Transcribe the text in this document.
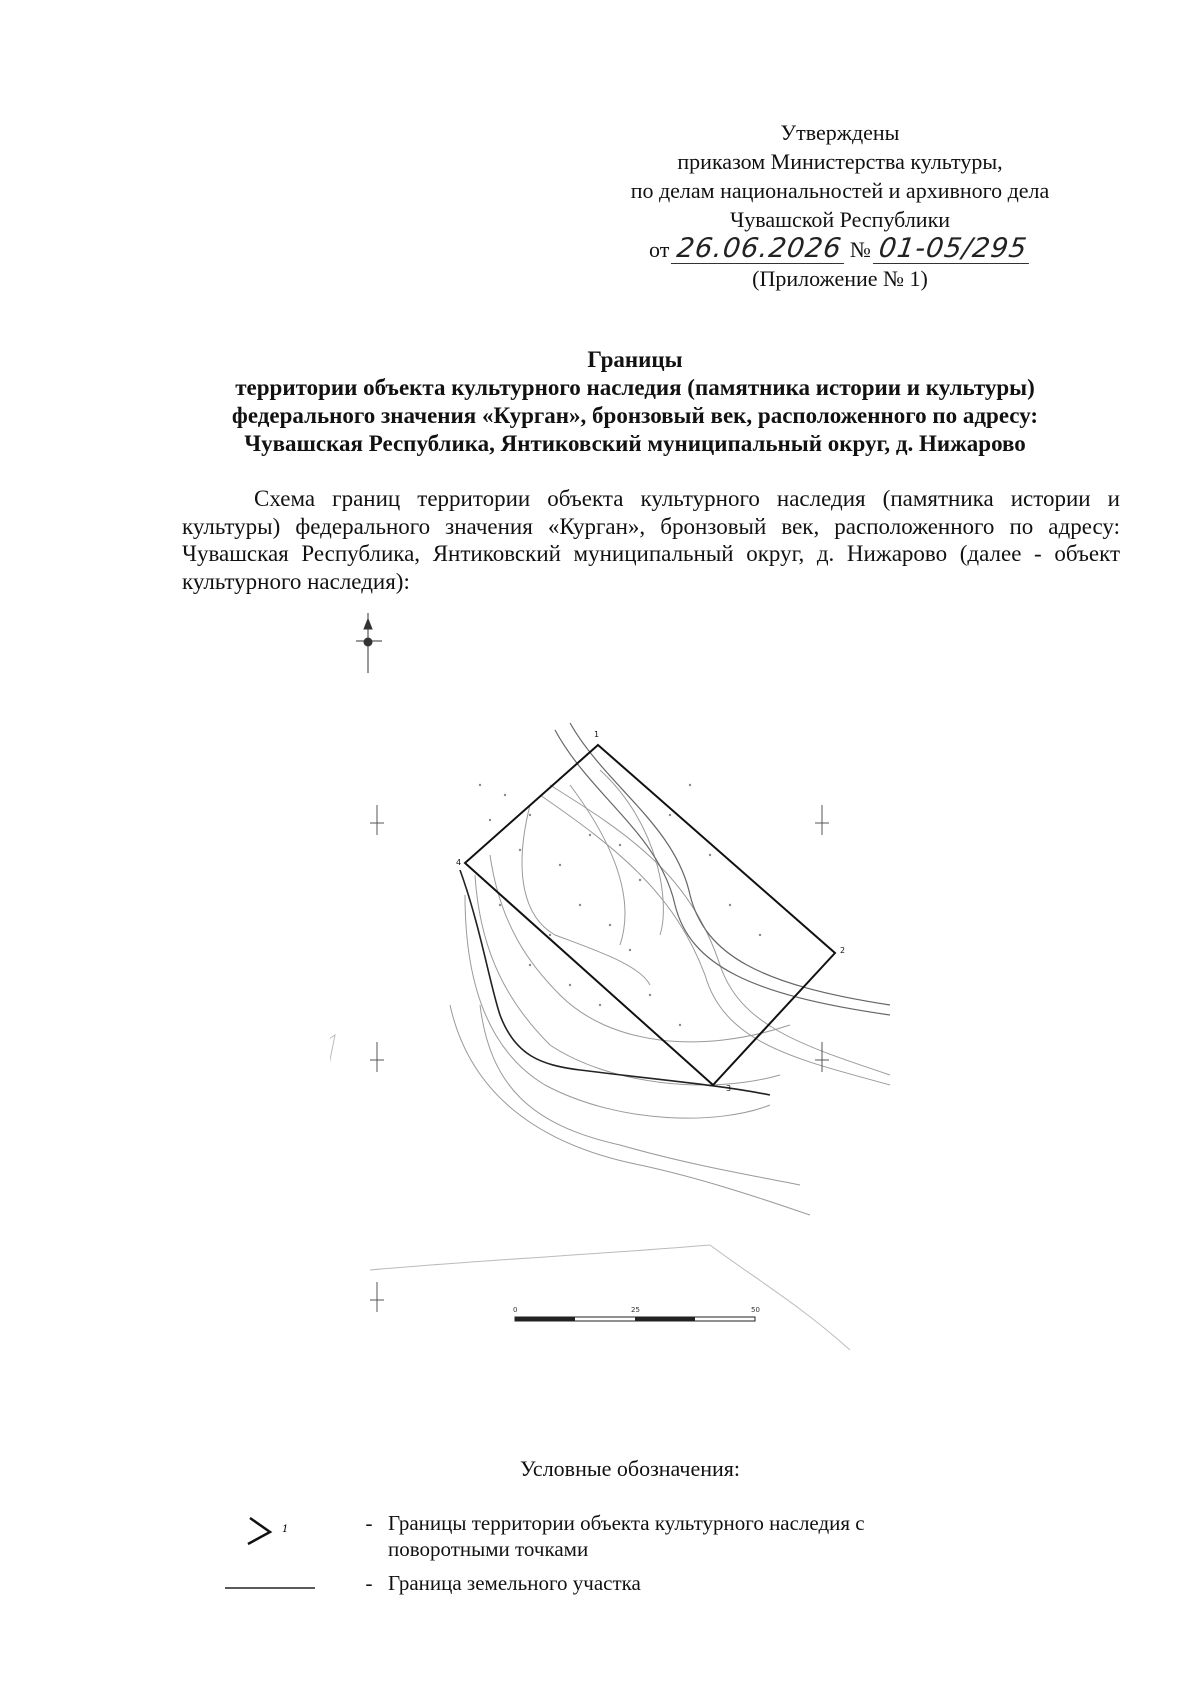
Утверждены
приказом Министерства культуры,
по делам национальностей и архивного дела
Чувашской Республики
от 26.06.2026 № 01-05/295
(Приложение № 1)
Границы
территории объекта культурного наследия (памятника истории и культуры)
федерального значения «Курган», бронзовый век, расположенного по адресу:
Чувашская Республика, Янтиковский муниципальный округ, д. Нижарово
Схема границ территории объекта культурного наследия (памятника истории и культуры) федерального значения «Курган», бронзовый век, расположенного по адресу: Чувашская Республика, Янтиковский муниципальный округ, д. Нижарово (далее - объект культурного наследия):
1
2
3
4
0	25	50
Условные обозначения:
1	- Границы территории объекта культурного наследия с поворотными точками
- Граница земельного участка
